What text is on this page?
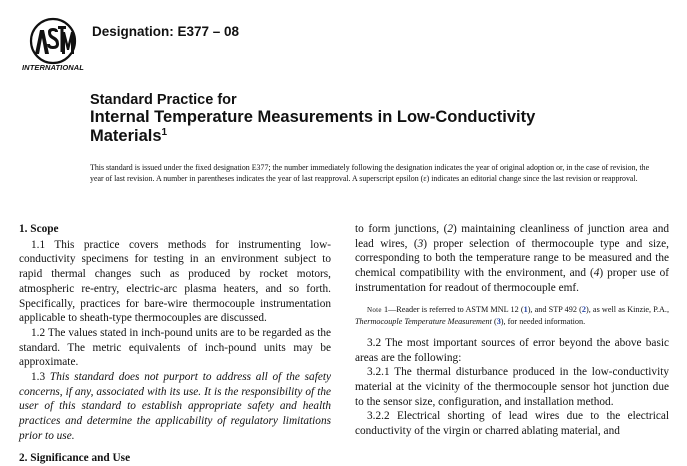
INTERNATIONAL
Designation: E377 – 08
Standard Practice for
Internal Temperature Measurements in Low-Conductivity
Materials$^1$
This standard is issued under the fixed designation E377; the number immediately following the designation indicates the year of original adoption or, in the case of revision, the year of last revision. A number in parentheses indicates the year of last reapproval. A superscript epsilon (ε) indicates an editorial change since the last revision or reapproval.
1. Scope

1.1 This practice covers methods for instrumenting low-conductivity specimens for testing in an environment subject to rapid thermal changes such as produced by rocket motors, atmospheric re-entry, electric-arc plasma heaters, and so forth. Specifically, practices for bare-wire thermocouple instrumentation applicable to sheath-type thermocouples are discussed.

1.2 The values stated in inch-pound units are to be regarded as the standard. The metric equivalents of inch-pound units may be approximate.

1.3 This standard does not purport to address all of the safety concerns, if any, associated with its use. It is the responsibility of the user of this standard to establish appropriate safety and health practices and determine the applicability of regulatory limitations prior to use.

2. Significance and Use

to form junctions, (2) maintaining cleanliness of junction area and lead wires, (3) proper selection of thermocouple type and size, corresponding to both the temperature range to be measured and the chemical compatibility with the environment, and (4) proper use of instrumentation for readout of thermocouple emf.

Note 1—Reader is referred to ASTM MNL 12 (1), and STP 492 (2), as well as Kinzie, P.A., Thermocouple Temperature Measurement (3), for needed information.

3.2 The most important sources of error beyond the above basic areas are the following:

3.2.1 The thermal disturbance produced in the low-conductivity material at the vicinity of the thermocouple sensor hot junction due to the sensor size, configuration, and installation method.

3.2.2 Electrical shorting of lead wires due to the electrical conductivity of the virgin or charred ablating material, and
